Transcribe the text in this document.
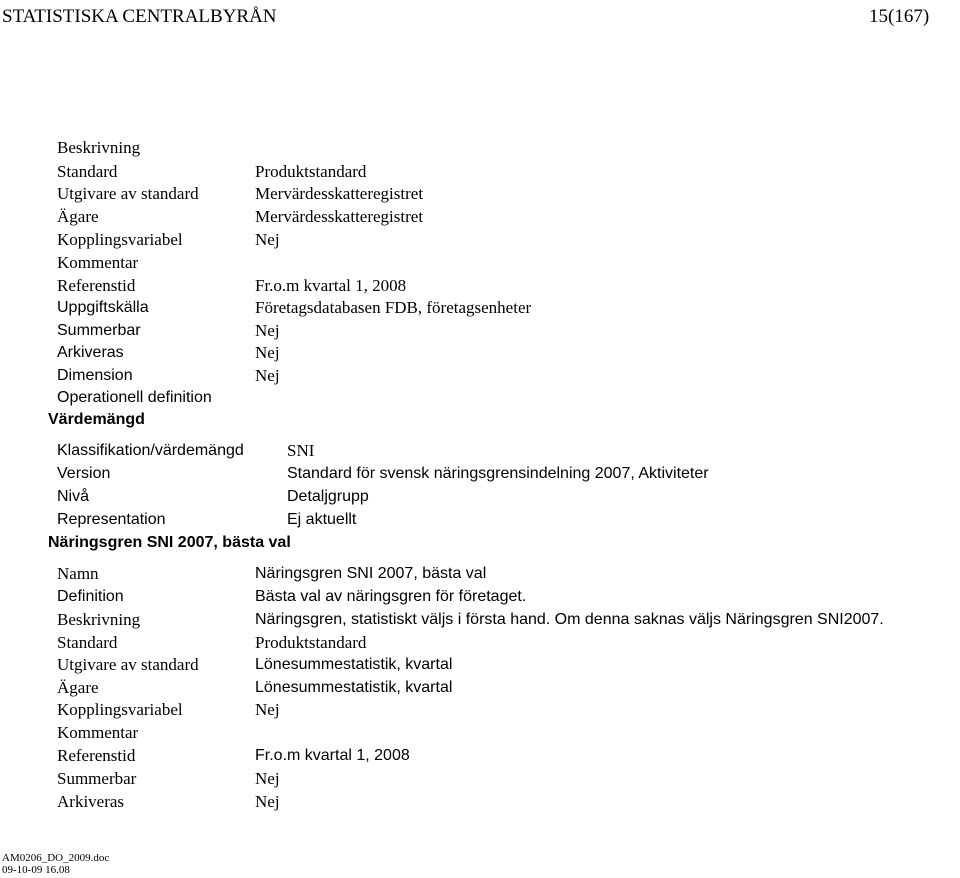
STATISTISKA CENTRALBYRÅN	15(167)
Beskrivning
Standard	Produktstandard
Utgivare av standard	Mervärdesskatteregistret
Ägare	Mervärdesskatteregistret
Kopplingsvariabel	Nej
Kommentar
Referenstid	Fr.o.m kvartal 1, 2008
Uppgiftskälla	Företagsdatabasen FDB, företagsenheter
Summerbar	Nej
Arkiveras	Nej
Dimension	Nej
Operationell definition
Värdemängd
Klassifikation/värdemängd	SNI
Version	Standard för svensk näringsgrensindelning 2007, Aktiviteter
Nivå	Detaljgrupp
Representation	Ej aktuellt
Näringsgren SNI 2007, bästa val
Namn	Näringsgren SNI 2007, bästa val
Definition	Bästa val av näringsgren för företaget.
Beskrivning	Näringsgren, statistiskt väljs i första hand. Om denna saknas väljs Näringsgren SNI2007.
Standard	Produktstandard
Utgivare av standard	Lönesummestatistik, kvartal
Ägare	Lönesummestatistik, kvartal
Kopplingsvariabel	Nej
Kommentar
Referenstid	Fr.o.m kvartal 1, 2008
Summerbar	Nej
Arkiveras	Nej
AM0206_DO_2009.doc
09-10-09 16.08
